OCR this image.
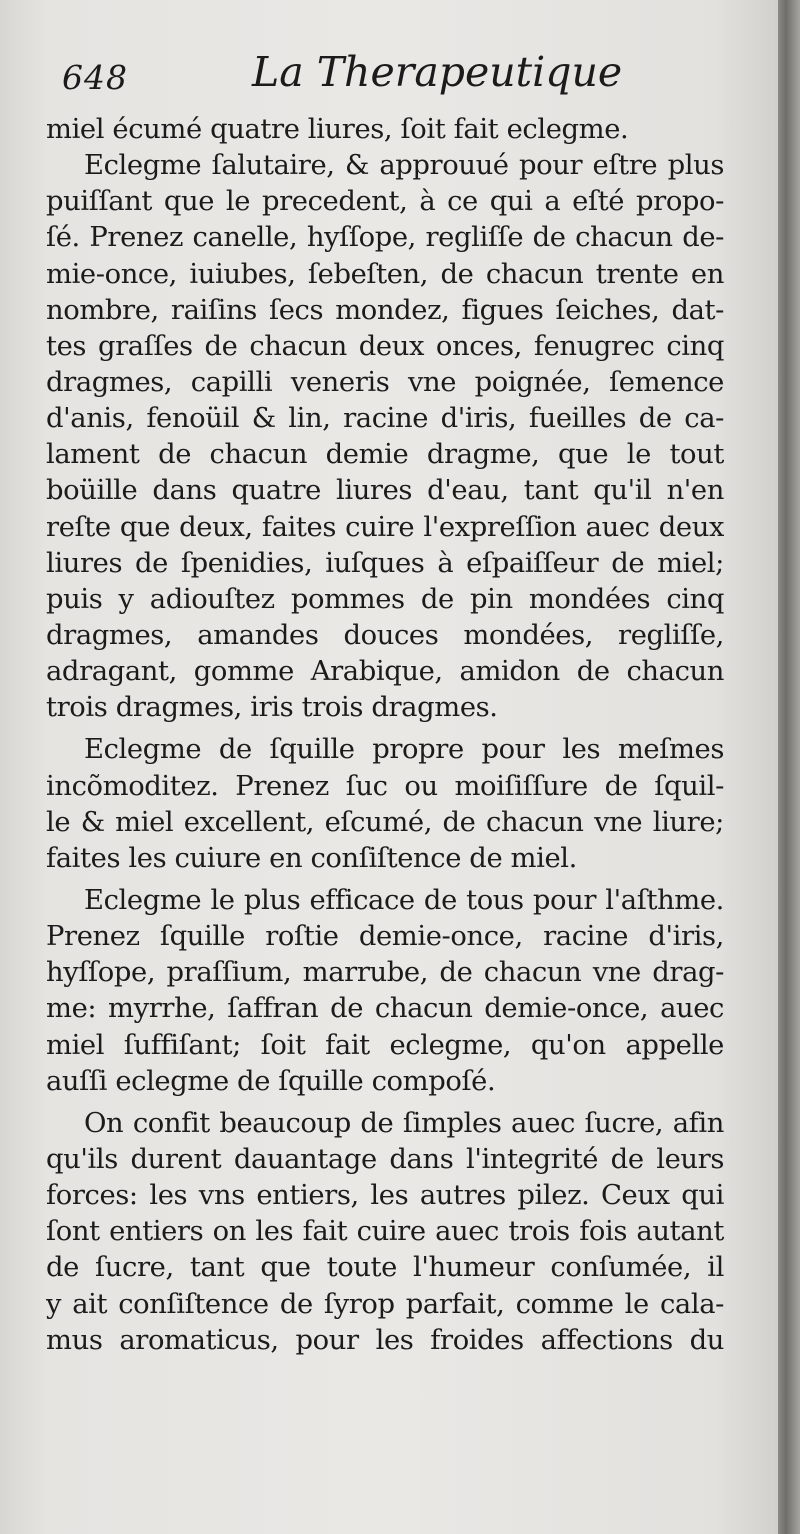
648	La Therapeutique
miel écumé quatre liures, ſoit fait eclegme.
Eclegme ſalutaire, & approuué pour eſtre plus
puiſſant que le precedent, à ce qui a eſté propo-
ſé. Prenez canelle, hyſſope, regliſſe de chacun de-
mie-once, iuiubes, ſebeſten, de chacun trente en
nombre, raiſins ſecs mondez, figues ſeiches, dat-
tes graſſes de chacun deux onces, fenugrec cinq
dragmes, capilli veneris vne poignée, ſemence
d'anis, fenoüil & lin, racine d'iris, fueilles de ca-
lament de chacun demie dragme, que le tout
boüille dans quatre liures d'eau, tant qu'il n'en
reſte que deux, faites cuire l'expreſſion auec deux
liures de ſpenidies, iuſques à eſpaiſſeur de miel;
puis y adiouſtez pommes de pin mondées cinq
dragmes, amandes douces mondées, regliſſe,
adragant, gomme Arabique, amidon de chacun
trois dragmes, iris trois dragmes.
Eclegme de ſquille propre pour les meſmes
incõmoditez. Prenez ſuc ou moiſiſſure de ſquil-
le & miel excellent, eſcumé, de chacun vne liure;
faites les cuiure en conſiſtence de miel.
Eclegme le plus efficace de tous pour l'aſthme.
Prenez ſquille roſtie demie-once, racine d'iris,
hyſſope, praſſium, marrube, de chacun vne drag-
me: myrrhe, ſaffran de chacun demie-once, auec
miel ſuffiſant; ſoit fait eclegme, qu'on appelle
auſſi eclegme de ſquille compoſé.
On confit beaucoup de ſimples auec ſucre, afin
qu'ils durent dauantage dans l'integrité de leurs
forces: les vns entiers, les autres pilez. Ceux qui
ſont entiers on les fait cuire auec trois fois autant
de ſucre, tant que toute l'humeur conſumée, il
y ait conſiſtence de ſyrop parfait, comme le cala-
mus aromaticus, pour les froides affections du
